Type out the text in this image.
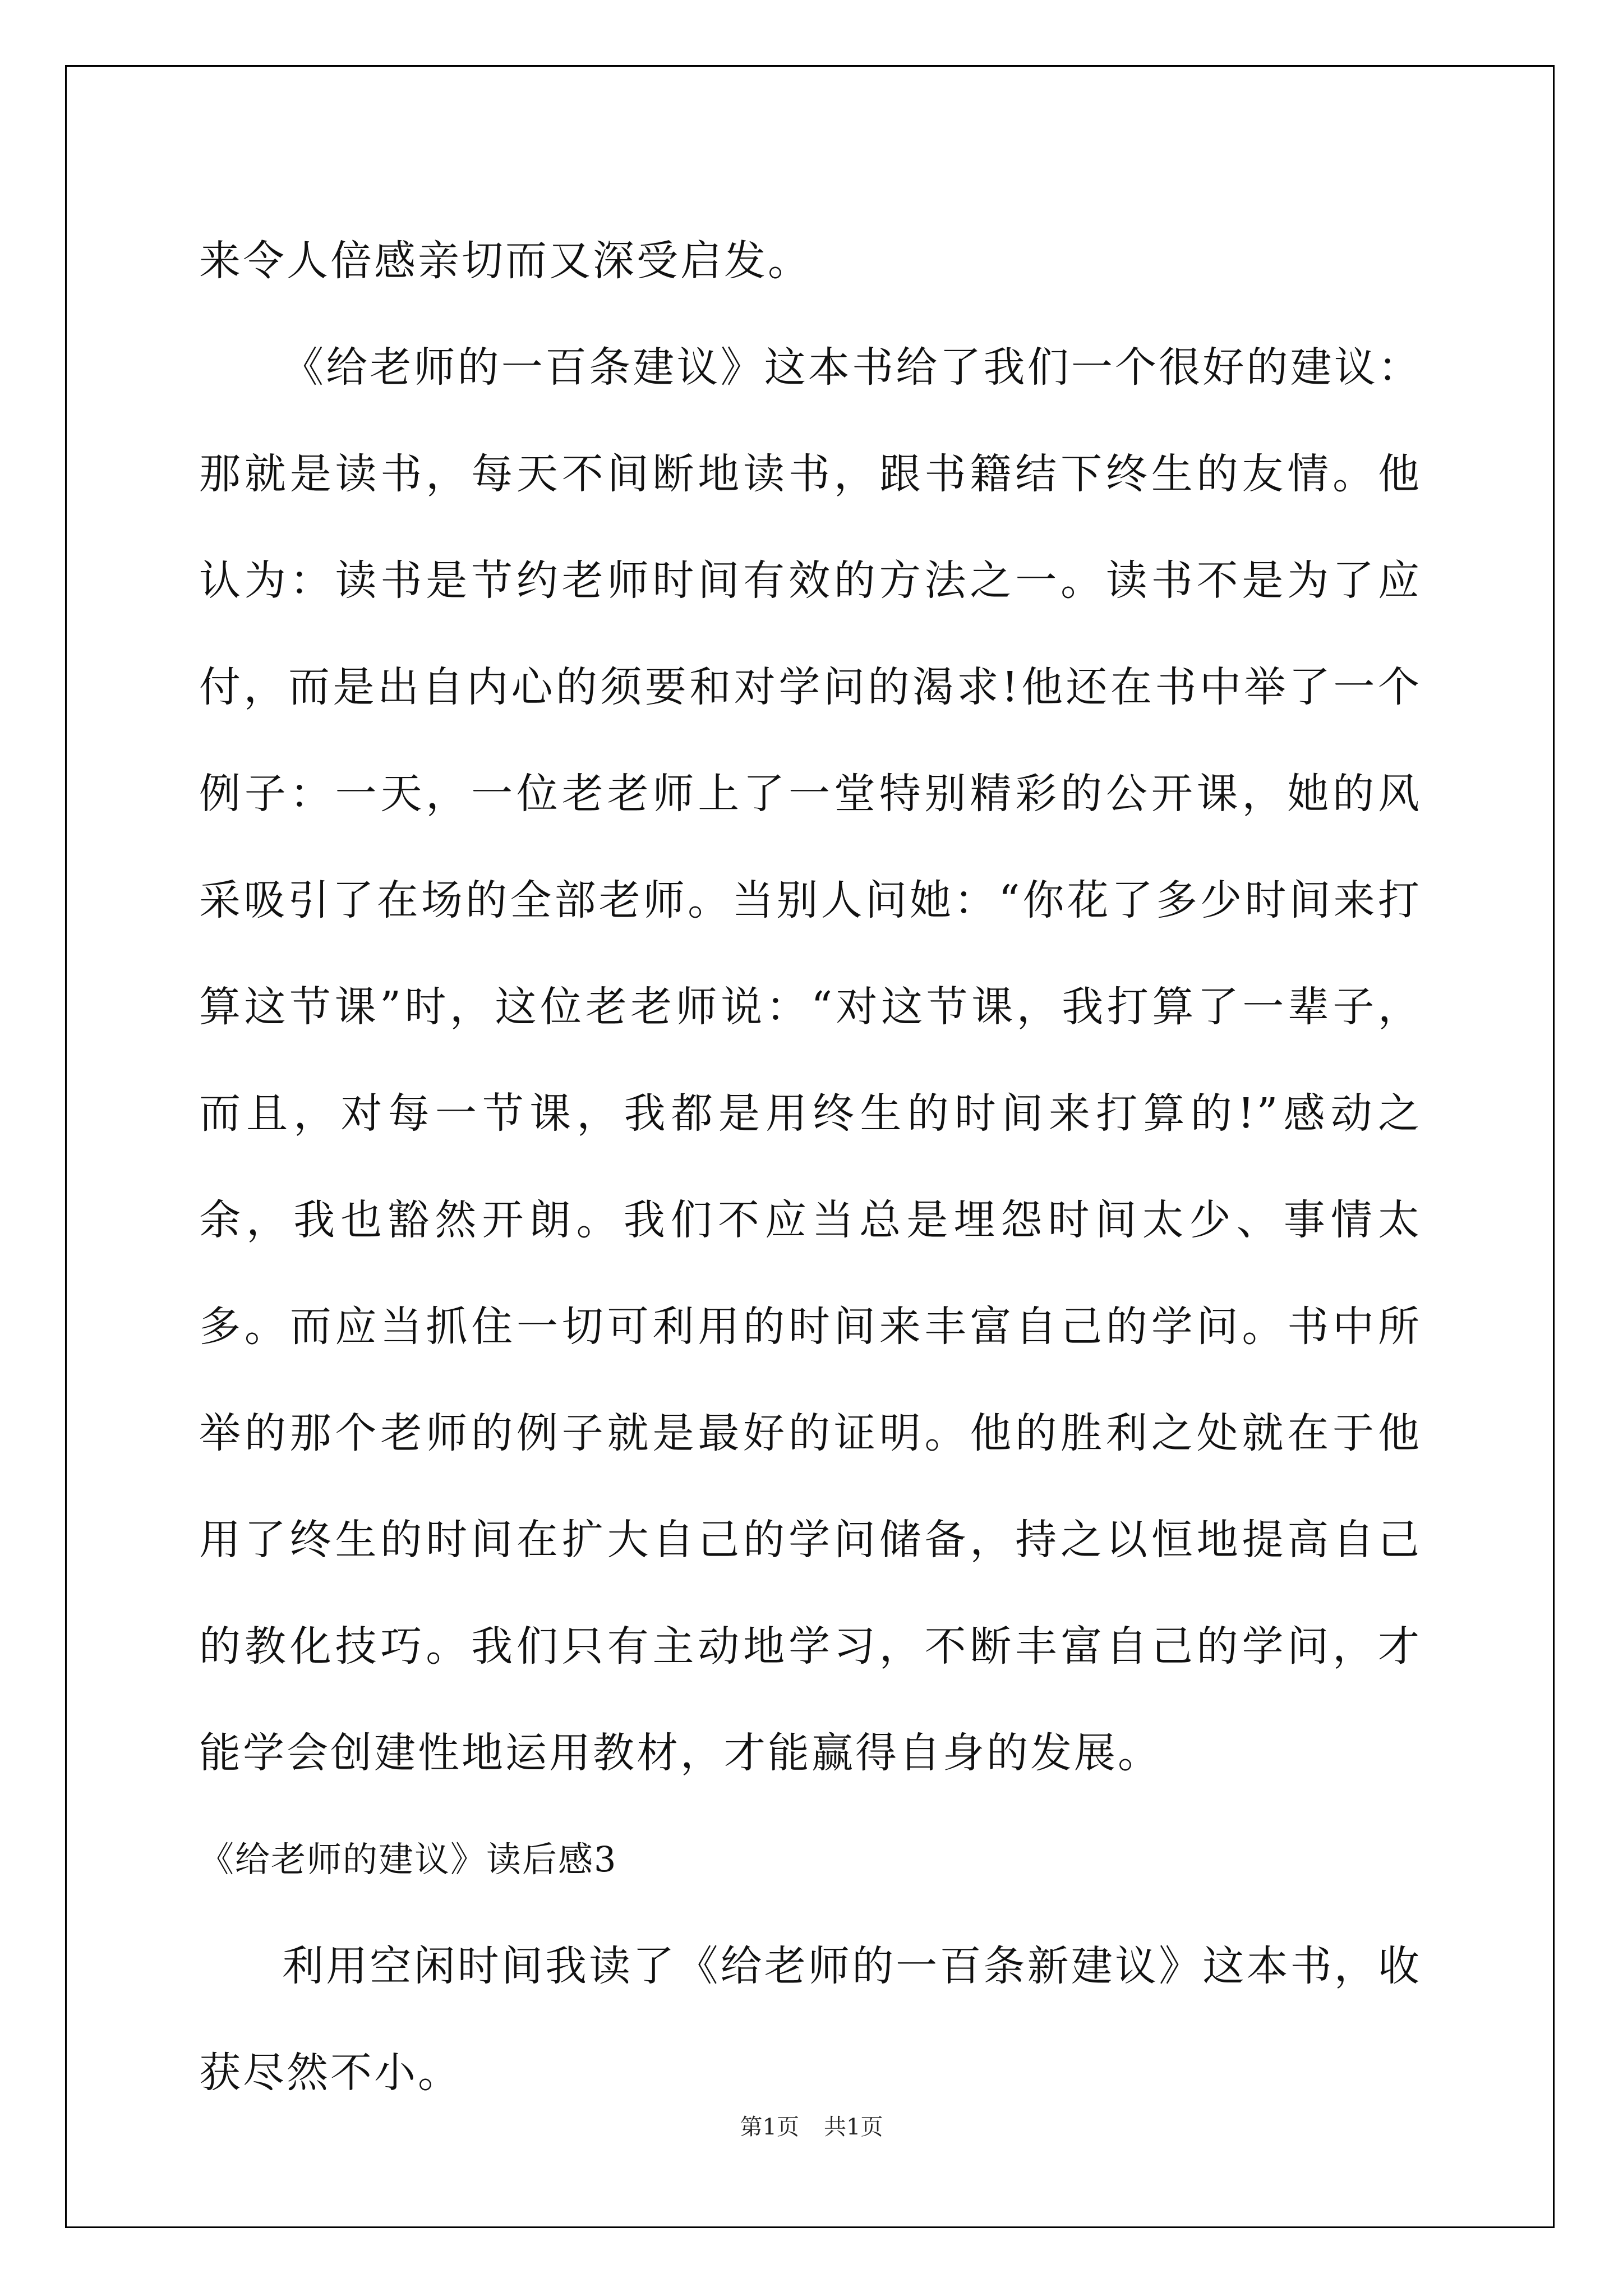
来令人倍感亲切而又深受启发。

《给老师的一百条建议》这本书给了我们一个很好的建议：那就是读书，每天不间断地读书，跟书籍结下终生的友情。他认为：读书是节约老师时间有效的方法之一。读书不是为了应付，而是出自内心的须要和对学问的渴求!他还在书中举了一个例子：一天，一位老老师上了一堂特别精彩的公开课，她的风采吸引了在场的全部老师。当别人问她：“你花了多少时间来打算这节课”时，这位老老师说：“对这节课，我打算了一辈子，而且，对每一节课，我都是用终生的时间来打算的!”感动之余，我也豁然开朗。我们不应当总是埋怨时间太少、事情太多。而应当抓住一切可利用的时间来丰富自己的学问。书中所举的那个老师的例子就是最好的证明。他的胜利之处就在于他用了终生的时间在扩大自己的学问储备，持之以恒地提高自己的教化技巧。我们只有主动地学习，不断丰富自己的学问，才能学会创建性地运用教材，才能赢得自身的发展。

《给老师的建议》读后感3

利用空闲时间我读了《给老师的一百条新建议》这本书，收获尽然不小。

第1页 共1页
